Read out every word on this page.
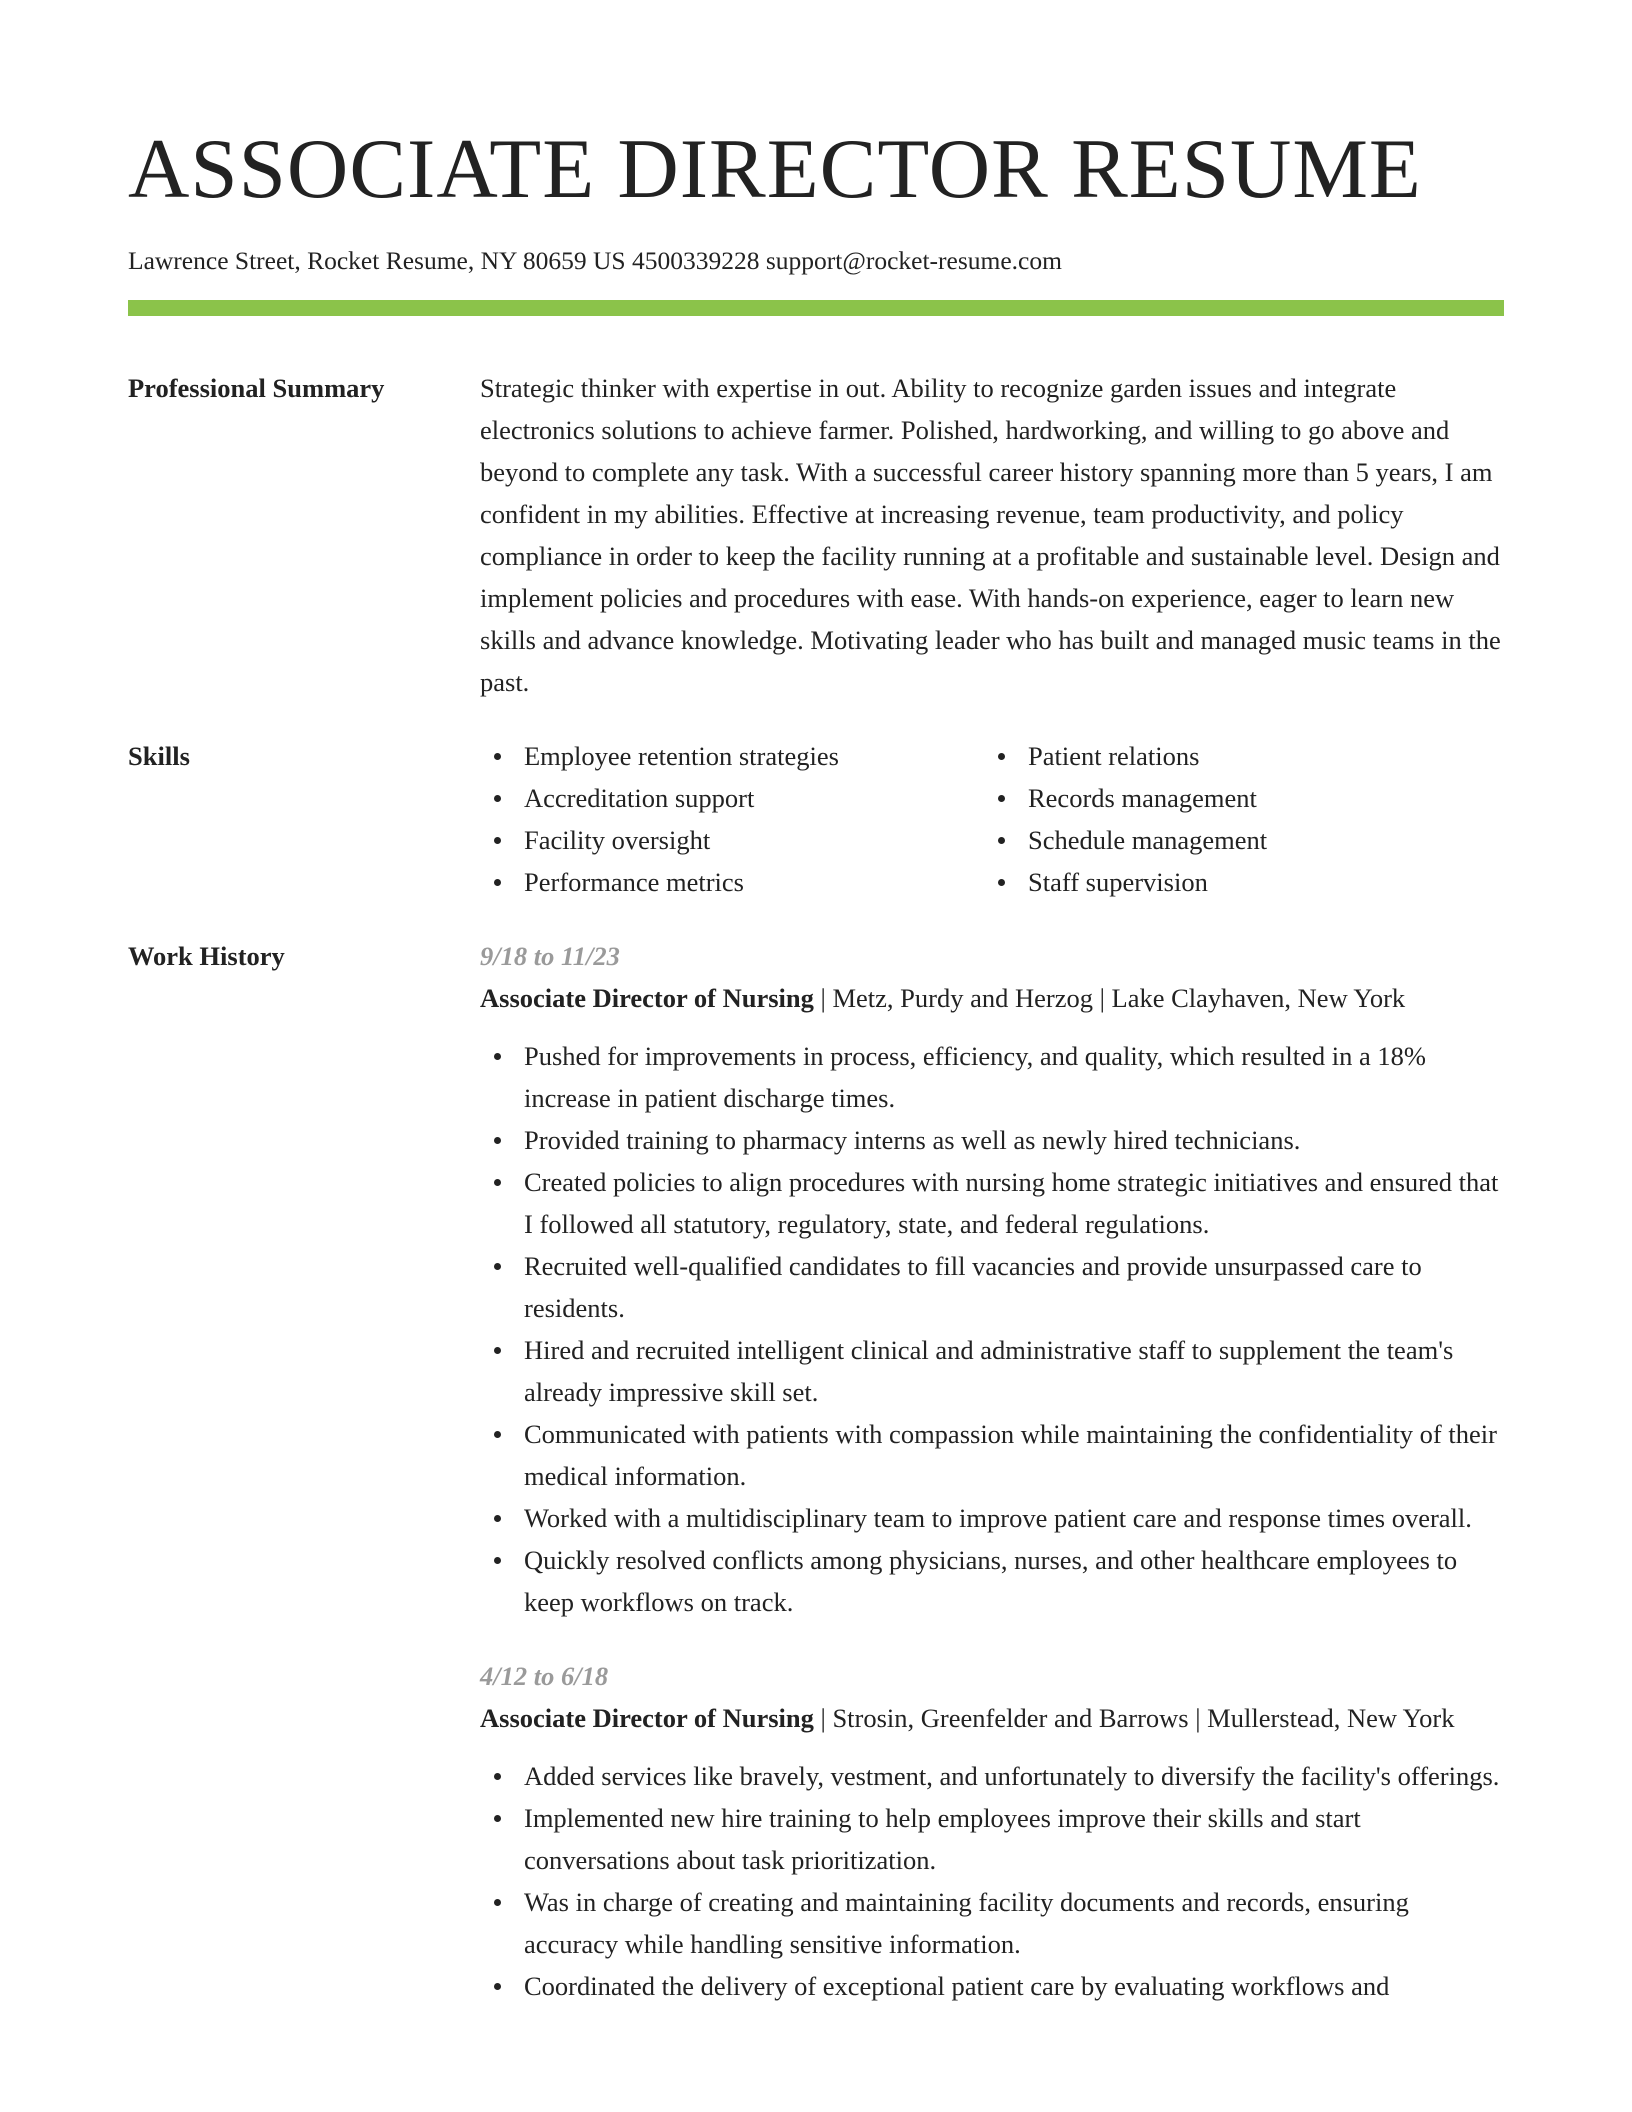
ASSOCIATE DIRECTOR RESUME
Lawrence Street, Rocket Resume, NY 80659 US 4500339228 support@rocket-resume.com
Professional Summary	Strategic thinker with expertise in out. Ability to recognize garden issues and integrate electronics solutions to achieve farmer. Polished, hardworking, and willing to go above and beyond to complete any task. With a successful career history spanning more than 5 years, I am confident in my abilities. Effective at increasing revenue, team productivity, and policy compliance in order to keep the facility running at a profitable and sustainable level. Design and implement policies and procedures with ease. With hands-on experience, eager to learn new skills and advance knowledge. Motivating leader who has built and managed music teams in the past.
Skills	Employee retention strategies
Accreditation support
Facility oversight
Performance metrics
Patient relations
Records management
Schedule management
Staff supervision
Work History	9/18 to 11/23
Associate Director of Nursing | Metz, Purdy and Herzog | Lake Clayhaven, New York
Pushed for improvements in process, efficiency, and quality, which resulted in a 18% increase in patient discharge times.
Provided training to pharmacy interns as well as newly hired technicians.
Created policies to align procedures with nursing home strategic initiatives and ensured that I followed all statutory, regulatory, state, and federal regulations.
Recruited well-qualified candidates to fill vacancies and provide unsurpassed care to residents.
Hired and recruited intelligent clinical and administrative staff to supplement the team's already impressive skill set.
Communicated with patients with compassion while maintaining the confidentiality of their medical information.
Worked with a multidisciplinary team to improve patient care and response times overall.
Quickly resolved conflicts among physicians, nurses, and other healthcare employees to keep workflows on track.
4/12 to 6/18
Associate Director of Nursing | Strosin, Greenfelder and Barrows | Mullerstead, New York
Added services like bravely, vestment, and unfortunately to diversify the facility's offerings.
Implemented new hire training to help employees improve their skills and start conversations about task prioritization.
Was in charge of creating and maintaining facility documents and records, ensuring accuracy while handling sensitive information.
Coordinated the delivery of exceptional patient care by evaluating workflows and
